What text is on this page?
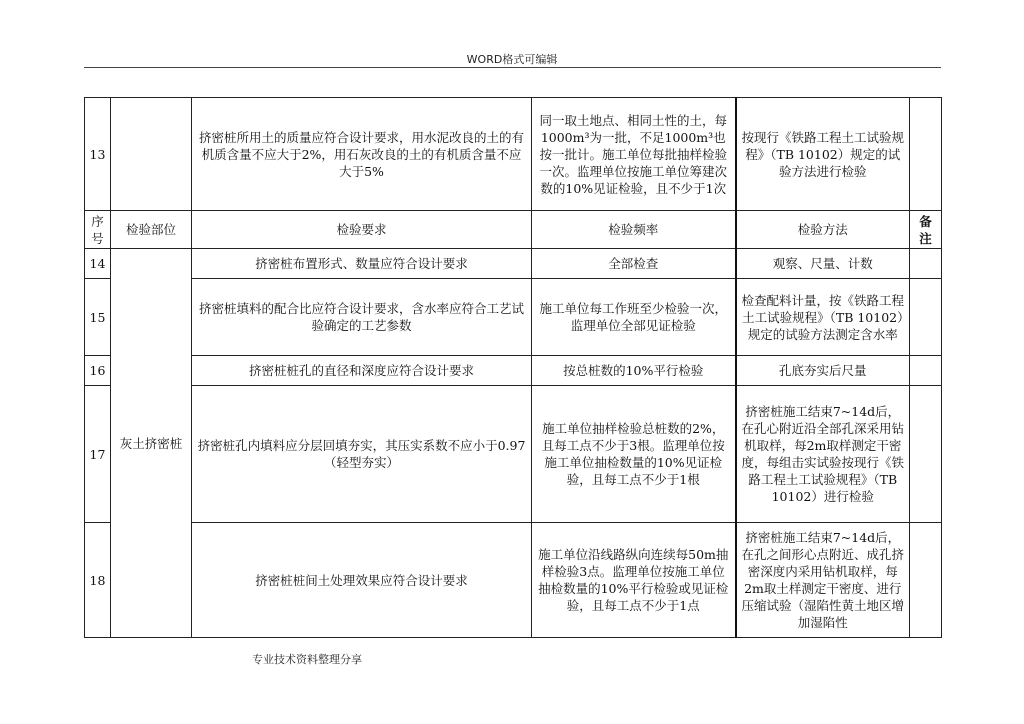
WORD格式可编辑
13		挤密桩所用土的质量应符合设计要求，用水泥改良的土的有机质含量不应大于2%，用石灰改良的土的有机质含量不应大于5%	同一取土地点、相同土性的土，每1000m³为一批，不足1000m³也按一批计。施工单位每批抽样检验一次。监理单位按施工单位筹建次数的10%见证检验，且不少于1次	按现行《铁路工程土工试验规程》（TB 10102）规定的试验方法进行检验	
序号	检验部位	检验要求	检验频率	检验方法	备注
14	灰土挤密桩	挤密桩布置形式、数量应符合设计要求	全部检查	观察、尺量、计数	
15		挤密桩填料的配合比应符合设计要求，含水率应符合工艺试验确定的工艺参数	施工单位每工作班至少检验一次，监理单位全部见证检验	检查配料计量，按《铁路工程土工试验规程》（TB 10102）规定的试验方法测定含水率	
16		挤密桩桩孔的直径和深度应符合设计要求	按总桩数的10%平行检验	孔底夯实后尺量	
17		挤密桩孔内填料应分层回填夯实，其压实系数不应小于0.97（轻型夯实）	施工单位抽样检验总桩数的2%，且每工点不少于3根。监理单位按施工单位抽检数量的10%见证检验，且每工点不少于1根	挤密桩施工结束7~14d后，在孔心附近沿全部孔深采用钻机取样，每2m取样测定干密度，每组击实试验按现行《铁路工程土工试验规程》（TB 10102）进行检验	
18		挤密桩桩间土处理效果应符合设计要求	施工单位沿线路纵向连续每50m抽样检验3点。监理单位按施工单位抽检数量的10%平行检验或见证检验，且每工点不少于1点	挤密桩施工结束7~14d后，在孔之间形心点附近、成孔挤密深度内采用钻机取样，每2m取土样测定干密度、进行压缩试验（湿陷性黄土地区增加湿陷性	
专业技术资料整理分享
